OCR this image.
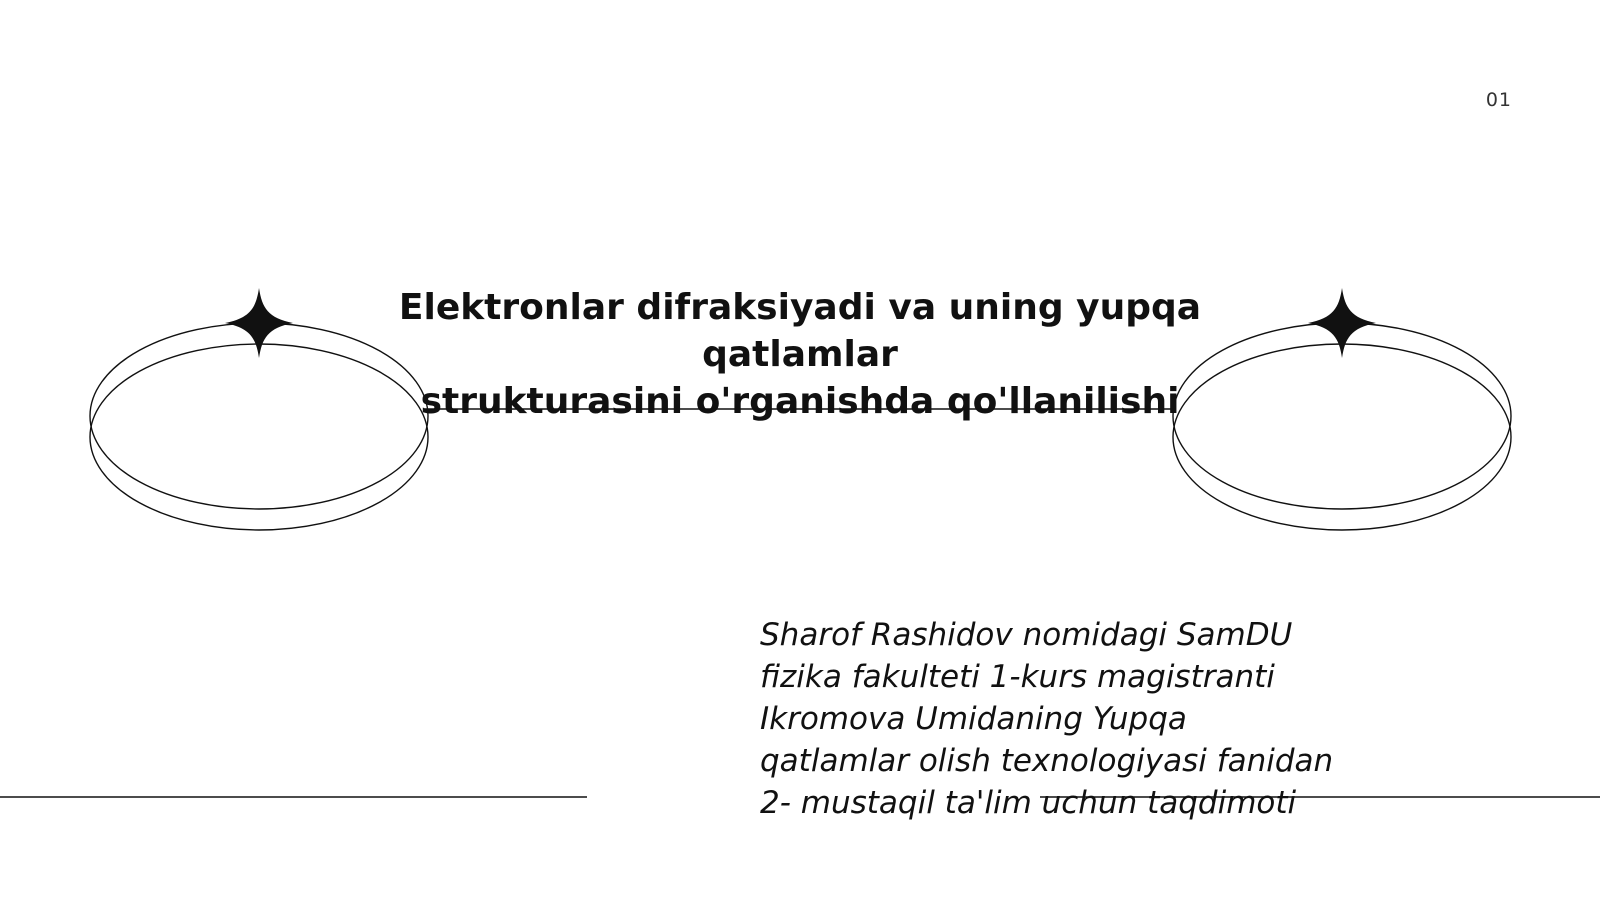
01
Elektronlar difraksiyadi va uning yupqa qatlamlar
strukturasini o'rganishda qo'llanilishi
Sharof Rashidov nomidagi SamDU
fizika fakulteti 1-kurs magistranti
Ikromova Umidaning Yupqa
qatlamlar olish texnologiyasi fanidan
2- mustaqil ta'lim uchun taqdimoti
